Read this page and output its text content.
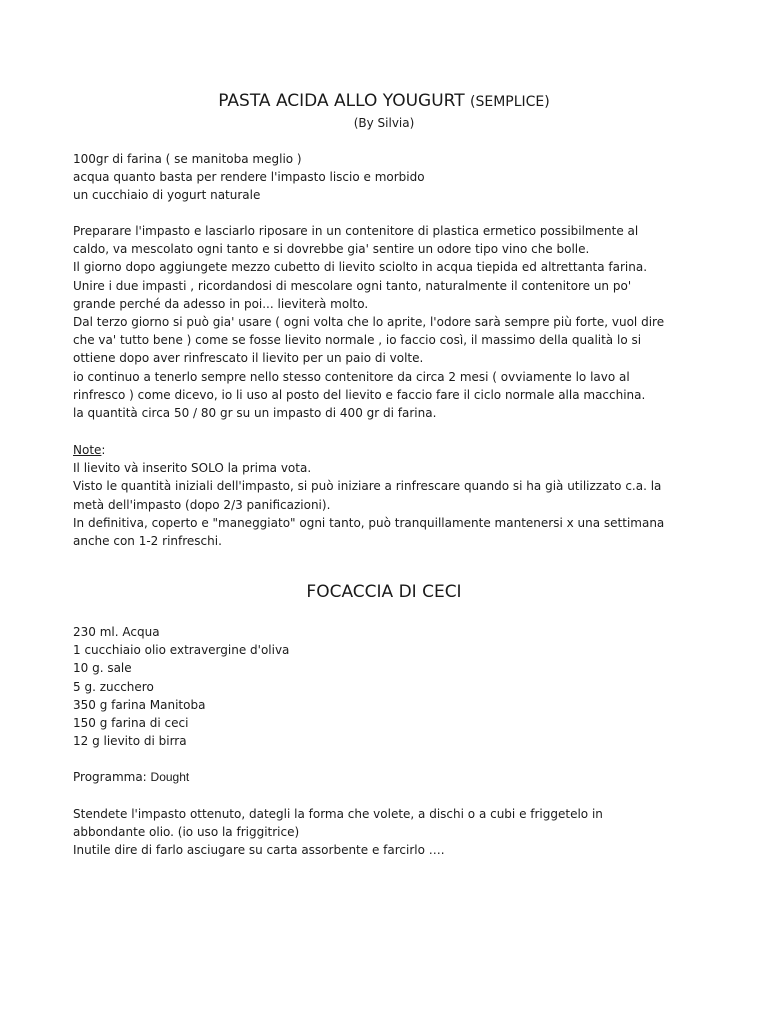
PASTA ACIDA ALLO YOUGURT (SEMPLICE)
(By Silvia)
100gr di farina ( se manitoba meglio )
acqua quanto basta per rendere l'impasto liscio e morbido
un cucchiaio di yogurt naturale
Preparare l'impasto e lasciarlo riposare in un contenitore di plastica ermetico possibilmente al
caldo, va mescolato ogni tanto e si dovrebbe gia' sentire un odore tipo vino che bolle.
Il giorno dopo aggiungete mezzo cubetto di lievito sciolto in acqua tiepida ed altrettanta farina.
Unire i due impasti , ricordandosi di mescolare ogni tanto, naturalmente il contenitore un po'
grande perché da adesso in poi... lieviterà molto.
Dal terzo giorno si può gia' usare ( ogni volta che lo aprite, l'odore sarà sempre più forte, vuol dire
che va' tutto bene ) come se fosse lievito normale , io faccio così, il massimo della qualità lo si
ottiene dopo aver rinfrescato il lievito per un paio di volte.
io continuo a tenerlo sempre nello stesso contenitore da circa 2 mesi ( ovviamente lo lavo al
rinfresco ) come dicevo, io li uso al posto del lievito e faccio fare il ciclo normale alla macchina.
la quantità circa 50 / 80 gr su un impasto di 400 gr di farina.
Note:
Il lievito và inserito SOLO la prima vota.
Visto le quantità iniziali dell'impasto, si può iniziare a rinfrescare quando si ha già utilizzato c.a. la
metà dell'impasto (dopo 2/3 panificazioni).
In definitiva, coperto e "maneggiato" ogni tanto, può tranquillamente mantenersi x una settimana
anche con 1-2 rinfreschi.
FOCACCIA DI CECI
230 ml. Acqua
1 cucchiaio olio extravergine d'oliva
10 g. sale
5 g. zucchero
350 g farina Manitoba
150 g farina di ceci
12 g lievito di birra
Programma: Dought
Stendete l'impasto ottenuto, dategli la forma che volete, a dischi o a cubi e friggetelo in
abbondante olio. (io uso la friggitrice)
Inutile dire di farlo asciugare su carta assorbente e farcirlo ….
